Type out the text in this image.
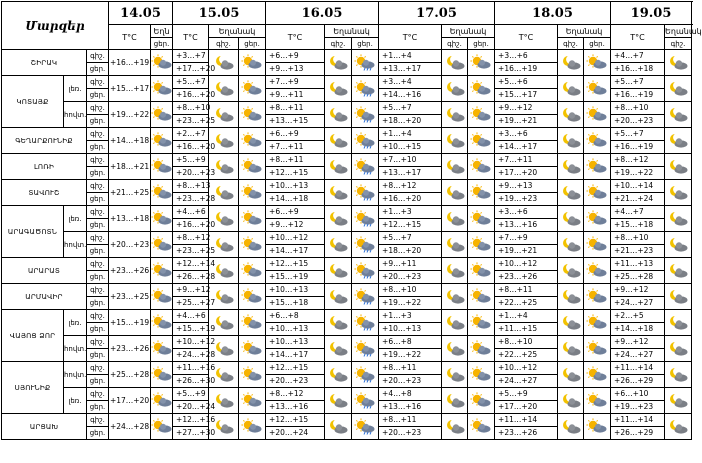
Մարզեր			14.05		15.05			16.05			17.05			18.05			19.05		
			T°C	Եղն	T°C	Եղանակ		T°C	Եղանակ		T°C	Եղանակ		T°C	Եղանակ		T°C	Եղանակ	
				ցեր.		գիշ.	ցեր.		գիշ.	ցեր.		գիշ.	ցեր.		գիշ.	ցեր.		գիշ.	
ՇԻՐԱԿ		գիշ.	+16…+19		+3…+7			+6…+9			+1…+4			+3…+6			+4…+7	

		ցեր.			+17…+20			+9…+13			+13…+17			+16…+19			+16…+18		
ԿՈՏԱՅՔ	լեռ.	գիշ.	+15…+17		+5…+7			+7…+9			+3…+4			+5…+6			+5…+7	

		ցեր.			+16…+20			+9…+11			+14…+16			+15…+17			+16…+19		
	հովտ.	գիշ.	+19…+22		+8…+10			+8…+11			+5…+7			+9…+12			+8…+10	

		ցեր.			+23…+25			+13…+15			+18…+20			+19…+21			+20…+23		
ԳԵՂԱՐՔՈՒՆԻՔ		գիշ.	+14…+18		+2…+7			+6…+9			+1…+4			+3…+6			+5…+7	

		ցեր.			+16…+20			+7…+11			+10…+15			+14…+17			+16…+19		
ԼՈՌԻ		գիշ.	+18…+21		+5…+9			+8…+11			+7…+10			+7…+11			+8…+12	

		ցեր.			+20…+23			+12…+15			+13…+17			+17…+20			+19…+22		
ՏԱՎՈՒՇ		գիշ.	+21…+25		+8…+13			+10…+13			+8…+12			+9…+13			+10…+14	

		ցեր.			+23…+28			+14…+18			+16…+20			+19…+23			+21…+24		
ԱՐԱԳԱԾՈՏՆ	լեռ.	գիշ.	+13…+18		+4…+6			+6…+9			+1…+3			+3…+6			+4…+7	

		ցեր.			+16…+20			+9…+12			+12…+15			+13…+16			+15…+18		
	հովտ.	գիշ.	+20…+23		+8…+12			+10…+12			+5…+7			+7…+9			+8…+10	

		ցեր.			+23…+25			+14…+17			+18…+20			+19…+21			+21…+23		
ԱՐԱՐԱՏ		գիշ.	+23…+26		+12…+14			+12…+15			+9…+11			+10…+12			+11…+13	

		ցեր.			+26…+28			+15…+19			+20…+23			+23…+26			+25…+28		
ԱՐՄԱՎԻՐ		գիշ.	+23…+25		+9…+12			+10…+13			+8…+10			+8…+11			+9…+12	

		ցեր.			+25…+27			+15…+18			+19…+22			+22…+25			+24…+27		
ՎԱՅՈՑ ՁՈՐ	լեռ.	գիշ.	+15…+19		+4…+6			+6…+8			+1…+3			+1…+4			+2…+5	

		ցեր.			+15…+19			+10…+13			+10…+13			+11…+15			+14…+18		
	հովտ.	գիշ.	+23…+26		+10…+12			+10…+13			+6…+8			+8…+10			+9…+12	

		ցեր.			+24…+28			+14…+17			+19…+22			+22…+25			+24…+27		
ՍՅՈՒՆԻՔ	հովտ.	գիշ.	+25…+28		+11…+16			+12…+15			+8…+11			+10…+12			+11…+14	

		ցեր.			+26…+30			+20…+23			+20…+23			+24…+27			+26…+29		
	լեռ.	գիշ.	+17…+20		+5…+9			+8…+12			+4…+8			+5…+9			+6…+10	

		ցեր.			+20…+24			+13…+16			+13…+16			+17…+20			+19…+23		
ԱՐՑԱԽ		գիշ.	+24…+28		+12…+16			+12…+15			+8…+11			+11…+14			+11…+14	

		ցեր.			+27…+30			+20…+24			+20…+23			+23…+26			+26…+29		
